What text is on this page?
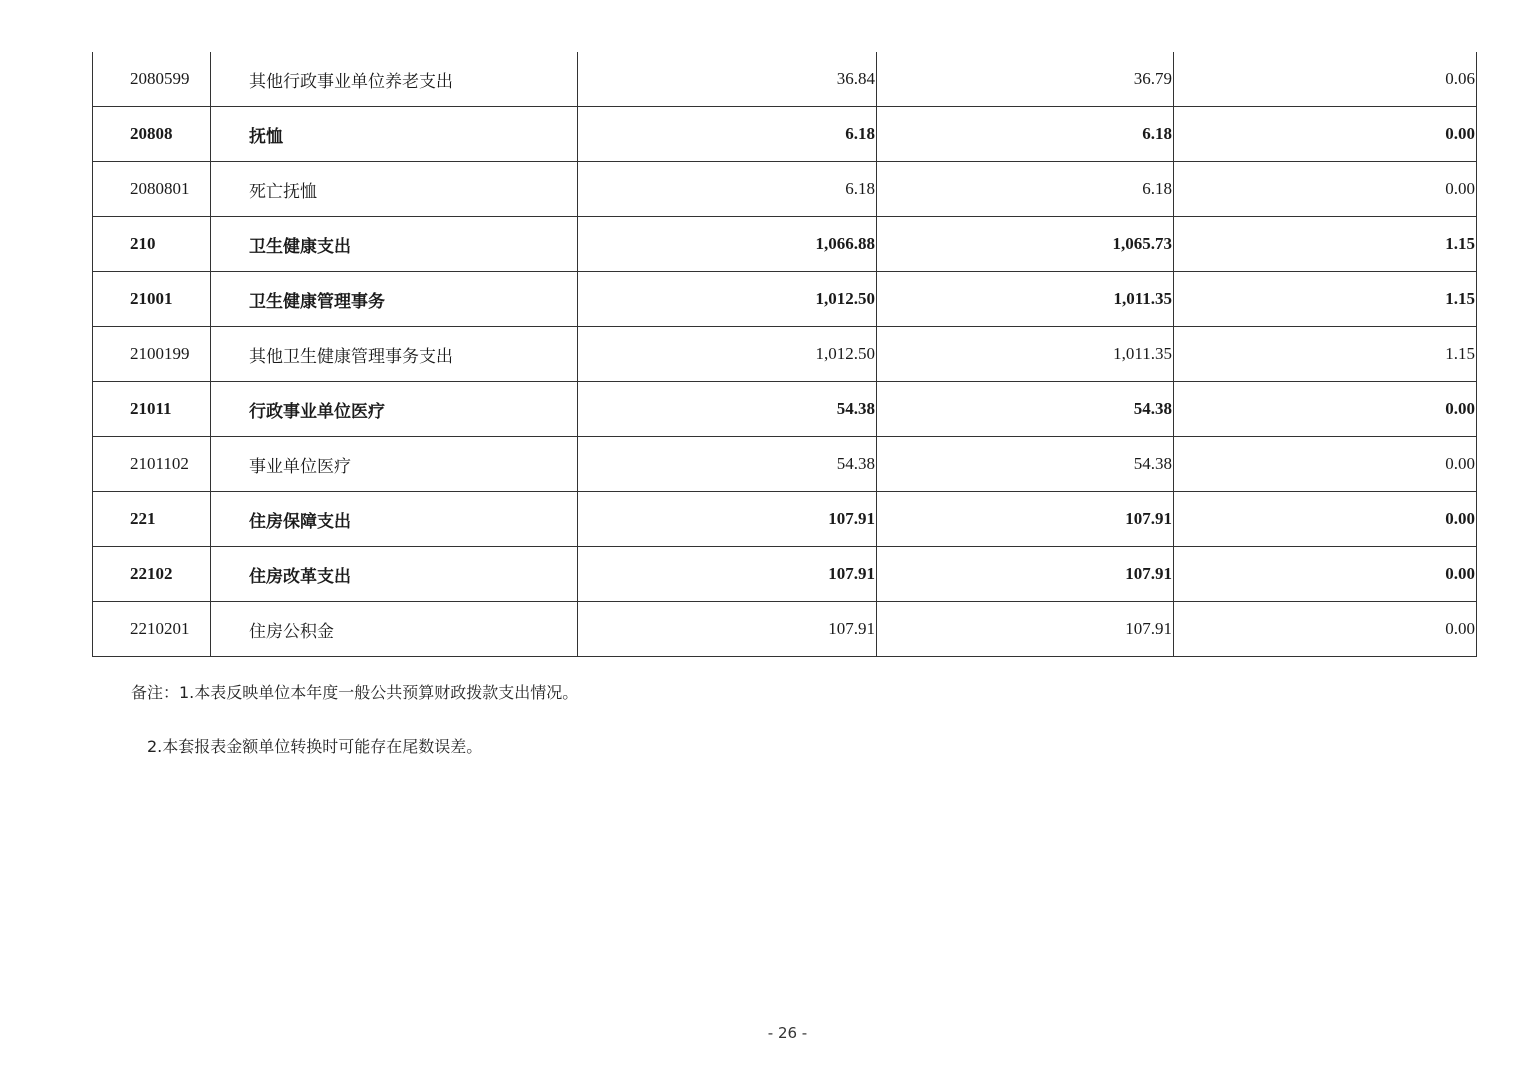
2080599	其他行政事业单位养老支出	36.84	36.79	0.06
20808	抚恤	6.18	6.18	0.00
2080801	死亡抚恤	6.18	6.18	0.00
210	卫生健康支出	1,066.88	1,065.73	1.15
21001	卫生健康管理事务	1,012.50	1,011.35	1.15
2100199	其他卫生健康管理事务支出	1,012.50	1,011.35	1.15
21011	行政事业单位医疗	54.38	54.38	0.00
2101102	事业单位医疗	54.38	54.38	0.00
221	住房保障支出	107.91	107.91	0.00
22102	住房改革支出	107.91	107.91	0.00
2210201	住房公积金	107.91	107.91	0.00
备注：1.本表反映单位本年度一般公共预算财政拨款支出情况。
2.本套报表金额单位转换时可能存在尾数误差。
- 26 -
